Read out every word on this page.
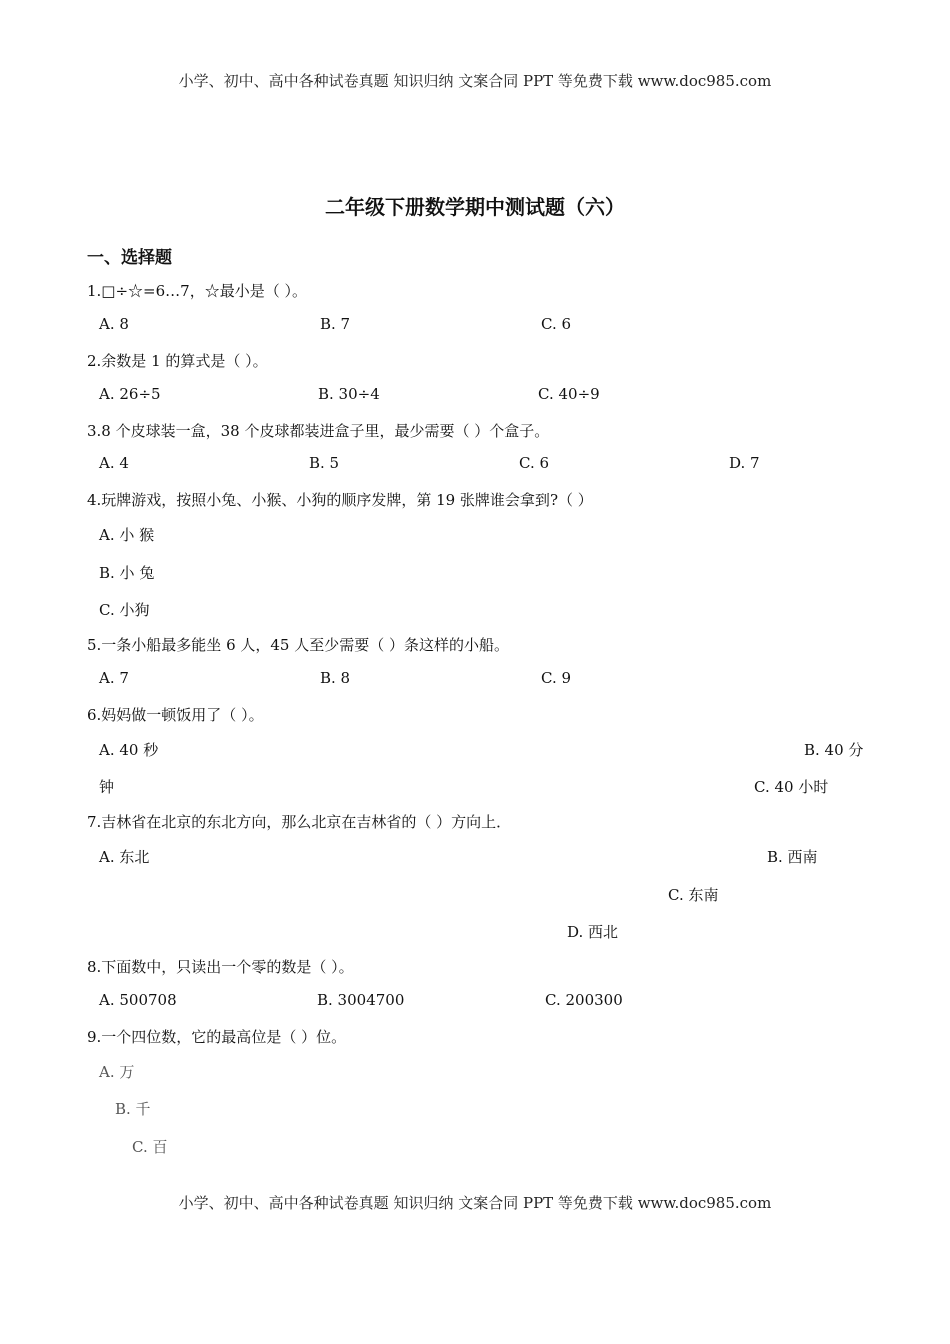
小学、初中、高中各种试卷真题 知识归纳 文案合同 PPT 等免费下载 www.doc985.com
二年级下册数学期中测试题（六）
一、选择题
1.□÷☆=6…7，☆最小是（ ）。
A. 8	B. 7	C. 6
2.余数是 1 的算式是（ ）。
A. 26÷5	B. 30÷4	C. 40÷9
3.8 个皮球装一盒，38 个皮球都装进盒子里，最少需要（ ）个盒子。
A. 4	B. 5	C. 6	D. 7
4.玩牌游戏，按照小兔、小猴、小狗的顺序发牌，第 19 张牌谁会拿到?（ ）
A. 小 猴
B. 小 兔
C. 小狗
5.一条小船最多能坐 6 人，45 人至少需要（ ）条这样的小船。
A. 7	B. 8	C. 9
6.妈妈做一顿饭用了（ ）。
A. 40 秒	B. 40 分
钟	C. 40 小时
7.吉林省在北京的东北方向，那么北京在吉林省的（ ）方向上．
A. 东北	B. 西南
C. 东南
D. 西北
8.下面数中，只读出一个零的数是（ ）。
A. 500708	B. 3004700	C. 200300
9.一个四位数，它的最高位是（ ）位。
A. 万
B. 千
C. 百
小学、初中、高中各种试卷真题 知识归纳 文案合同 PPT 等免费下载 www.doc985.com
